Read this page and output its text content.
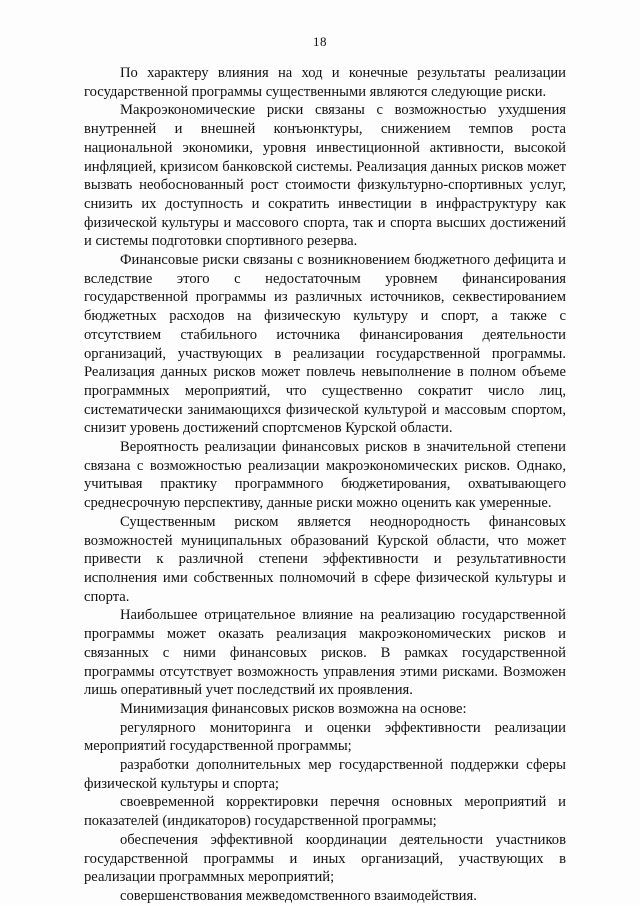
18

По характеру влияния на ход и конечные результаты реализации государственной программы существенными являются следующие риски.

Макроэкономические риски связаны с возможностью ухудшения внутренней и внешней конъюнктуры, снижением темпов роста национальной экономики, уровня инвестиционной активности, высокой инфляцией, кризисом банковской системы. Реализация данных рисков может вызвать необоснованный рост стоимости физкультурно-спортивных услуг, снизить их доступность и сократить инвестиции в инфраструктуру как физической культуры и массового спорта, так и спорта высших достижений и системы подготовки спортивного резерва.

Финансовые риски связаны с возникновением бюджетного дефицита и вследствие этого с недостаточным уровнем финансирования государственной программы из различных источников, секвестированием бюджетных расходов на физическую культуру и спорт, а также с отсутствием стабильного источника финансирования деятельности организаций, участвующих в реализации государственной программы. Реализация данных рисков может повлечь невыполнение в полном объеме программных мероприятий, что существенно сократит число лиц, систематически занимающихся физической культурой и массовым спортом, снизит уровень достижений спортсменов Курской области.

Вероятность реализации финансовых рисков в значительной степени связана с возможностью реализации макроэкономических рисков. Однако, учитывая практику программного бюджетирования, охватывающего среднесрочную перспективу, данные риски можно оценить как умеренные.

Существенным риском является неоднородность финансовых возможностей муниципальных образований Курской области, что может привести к различной степени эффективности и результативности исполнения ими собственных полномочий в сфере физической культуры и спорта.

Наибольшее отрицательное влияние на реализацию государственной программы может оказать реализация макроэкономических рисков и связанных с ними финансовых рисков. В рамках государственной программы отсутствует возможность управления этими рисками. Возможен лишь оперативный учет последствий их проявления.

Минимизация финансовых рисков возможна на основе:

регулярного мониторинга и оценки эффективности реализации мероприятий государственной программы;

разработки дополнительных мер государственной поддержки сферы физической культуры и спорта;

своевременной корректировки перечня основных мероприятий и показателей (индикаторов) государственной программы;

обеспечения эффективной координации деятельности участников государственной программы и иных организаций, участвующих в реализации программных мероприятий;

совершенствования межведомственного взаимодействия.
